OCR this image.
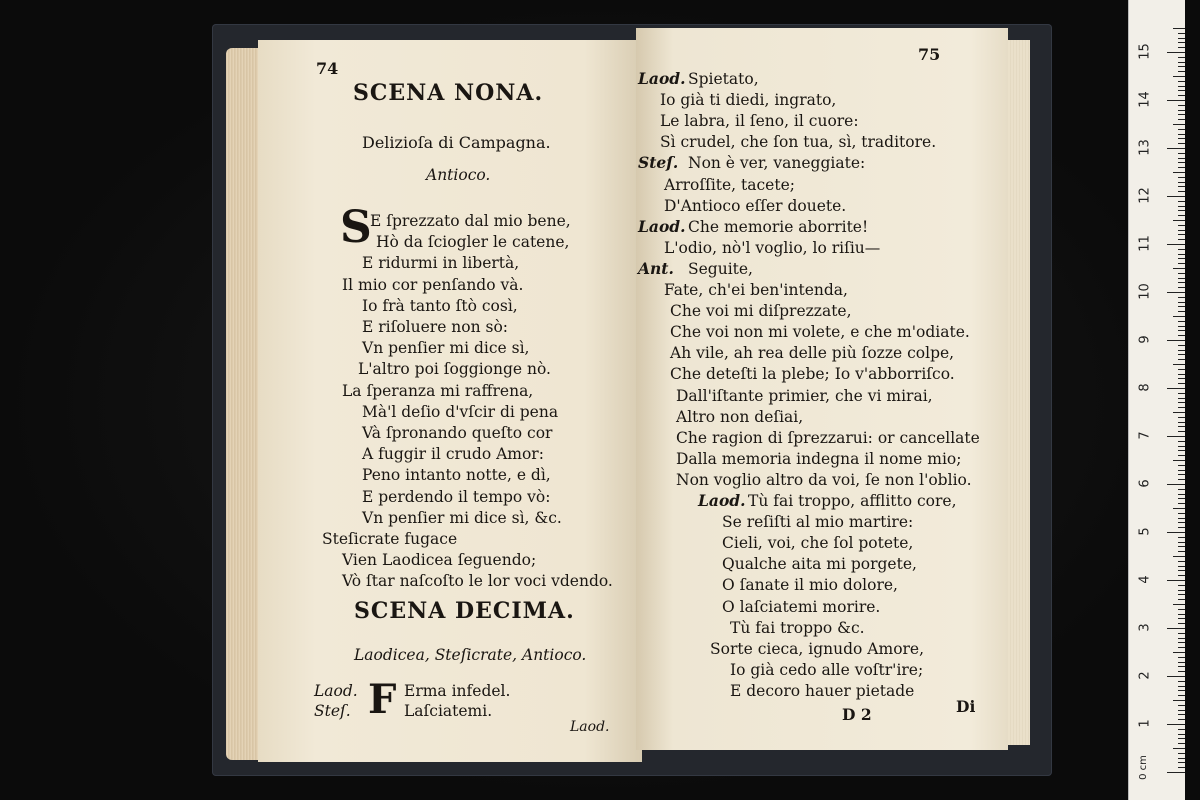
74
SCENA NONA.
Delizioſa di Campagna.
Antioco.
S
E ſprezzato dal mio bene,
Hò da ſciogler le catene,
E ridurmi in libertà,
Il mio cor penſando và.
Io frà tanto ſtò così,
E riſoluere non sò:
Vn penſier mi dice sì,
L'altro poi ſoggionge nò.
La ſperanza mi raffrena,
Mà'l deſio d'vſcir di pena
Và ſpronando queſto cor
A fuggir il crudo Amor:
Peno intanto notte, e dì,
E perdendo il tempo vò:
Vn penſier mi dice sì, &c.
Steſicrate fugace
Vien Laodicea ſeguendo;
Vò ſtar naſcoſto le lor voci vdendo.
SCENA DECIMA.
Laodicea, Steſicrate, Antioco.
F
Laod.	Erma infedel.
Steſ.	Laſciatemi.
Laod.
75
Laod. Spietato,
Io già ti diedi, ingrato,
Le labra, il ſeno, il cuore:
Sì crudel, che ſon tua, sì, traditore.
Steſ. Non è ver, vaneggiate:
Arroſſite, tacete;
D'Antioco eſſer douete.
Laod. Che memorie aborrite!
L'odio, nò'l voglio, lo riſiu—
Ant. Seguite,
Fate, ch'ei ben'intenda,
Che voi mi diſprezzate,
Che voi non mi volete, e che m'odiate.
Ah vile, ah rea delle più ſozze colpe,
Che deteſti la plebe; Io v'abborriſco.
Dall'iſtante primier, che vi mirai,
Altro non deſiai,
Che ragion di ſprezzarui: or cancellate
Dalla memoria indegna il nome mio;
Non voglio altro da voi, ſe non l'oblio.
Laod. Tù fai troppo, afflitto core,
Se reſiſti al mio martire:
Cieli, voi, che ſol potete,
Qualche aita mi porgete,
O ſanate il mio dolore,
O laſciatemi morire.
Tù fai troppo &c.
Sorte cieca, ignudo Amore,
Io già cedo alle voſtr'ire;
E decoro hauer pietade
D 2	Di
15
14
13
12
11
10
9
8
7
6
5
4
3
2
1
0 cm
